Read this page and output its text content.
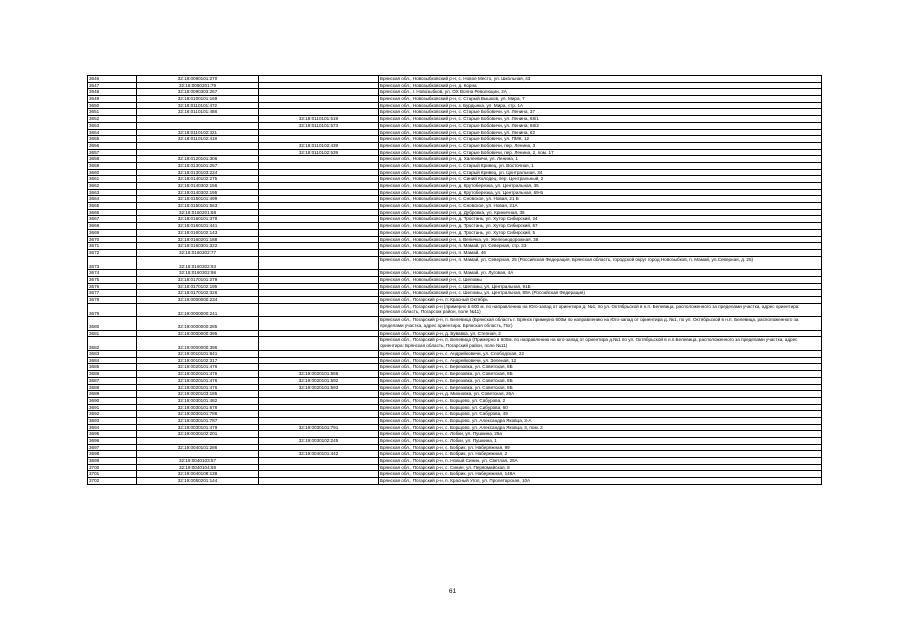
3646	32:18:0090101:270		Брянская обл., Новозыбковский р-н, с. Новое Место, ул. Школьная, 43
3647	32:18:0090201:79		Брянская обл., Новозыбковский р-н, д. Корна
3648	32:18:0090303:267		Брянская обл., г. Новозыбков, ул. ОХ Волна Революции, 2А
3649	32:18:0100101:169		Брянская обл., Новозыбковский р-н, с. Старый Вышков, ул. Мира, 7
3650	32:18:0110101:472		Брянская обл., Новозыбковский р-н, з. Бурдынка, ул. Мира, стр. 1А
3651	32:18:0110101:488		Брянская обл., Новозыбковский р-н, с. Старые Бобовичи, ул. Ленина, 37
3652		32:18:0110101:519	Брянская обл., Новозыбковский р-н, с. Старые Бобовичи, ул. Ленина, 68/1
3653		32:18:0110101:573	Брянская обл., Новозыбковский р-н, с. Старые Бобовичи, ул. Ленина, 68/2
3654	32:18:0110102:321		Брянская обл., Новозыбковский р-н, с. Старые Бобовичи, ул. Ленина, 62
3655	32:18:0110102:418		Брянская обл., Новозыбковский р-н, с. Старые Бобовичи, ул. ПМК, 12
3656		32:18:0110102:439	Брянская обл., Новозыбковский р-н, с. Старые Бобовичи, пер. Ленина, 3
3657		32:18:0110102:539	Брянская обл., Новозыбковский р-н, с. Старые Бобовичи, пер. Ленина, 2, пом. 17
3658	32:18:0120101:306		Брянская обл., Новозыбковский р-н, д. Халеевичи, ул. Ленина, 1
3659	32:18:0130101:257		Брянская обл., Новозыбковский р-н, с. Старый Кривец, ул. Восточная, 1
3660	32:18:0130103:224		Брянская обл., Новозыбковский р-н, с. Старый Кривец, ул. Центральная, 34
3661	32:18:0140102:275		Брянская обл., Новозыбковский р-н, с. Синий Колодец, пер. Центральный, 2
3662	32:18:0140302:156		Брянская обл., Новозыбковский р-н, д. Крутоберезка, ул. Центральная, 35
3663	32:18:0140302:195		Брянская обл., Новозыбковский р-н, д. Крутоберезка, ул. Центральная, 69-Б
3664	32:18:0150101:499		Брянская обл., Новозыбковский р-н, с. Сновское, ул. Новая, 21 Б
3665	32:18:0150101:563		Брянская обл., Новозыбковский р-н, с. Сновское, ул. Новая, 21А
3666	32:18:0150201:68		Брянская обл., Новозыбковский р-н, д. Дубровка, ул. Криничная, 36
3667	32:18:0160101:378		Брянская обл., Новозыбковский р-н, д. Тростань, ул. Хутор Сибирский, 24
3668	32:18:0160101:441		Брянская обл., Новозыбковский р-н, д. Тростань, ул. Хутор Сибирский, 57
3669	32:18:0160102:143		Брянская обл., Новозыбковский р-н, д. Тростань, ул. Хутор Сибирский, 5
3670	32:18:0160201:188		Брянская обл., Новозыбковский р-н, з. Величка, ул. Железнодорожная, 38
3671	32:18:0160301:322		Брянская обл., Новозыбковский р-н, п. Мамай, ул. Северная, стр. 23
3672	32:18:0160302:77		Брянская обл., Новозыбковский р-н, п. Мамай, 46
3673	32:18:0160302:93		Брянская обл., Новозыбковский р-н, п. Мамай, ул. Северная, 25 (Российская Федерация, Брянская область, городской округ город Новозыбков, п. Мамай, ул.Северная, д. 25)
3674	32:18:0160302:98		Брянская обл., Новозыбковский р-н, п. Мамай, ул. Луговая, 4А
3675	32:18:0170101:279		Брянская обл., Новозыбковский р-н, с. Шеломы
3676	32:18:0170102:195		Брянская обл., Новозыбковский р-н, с. Шеломы, ул. Центральная, 91Б
3677	32:18:0170102:326		Брянская обл., Новозыбковский р-н, с. Шеломы, ул. Центральная, 89А (Российская Федерация)
3678	32:19:0000000:234		Брянская обл., Погарский р-н, п. Красный Октябрь
3679	32:19:0000000:241		Брянская обл., Погарский р-н (примерно в 600 м. по направлению на Юго-запад от ориентира д. №1, по ул. Октябрьской в н.п. Белевица, расположенного за пределами участка, адрес ориентира: Брянская область, Погарсом район, поле №11)
3680	32:19:0000000:285		Брянская обл., Погарский р-н, п. Белевица (Брянская область г. Брянск примерно 600м по направлению на Юго-запад от ориентира д. №1, по ул. Октябрьской в н.п. Белевица, расположенного за пределами участка, адрес ориентира: Брянская область, Пог)
3681	32:19:0000000:395		Брянская обл., Погарский р-н, д. Бувавка, ул. Степная, 2
3682	32:19:0000000:396		Брянская обл., Погарский р-н, п. Белевица (Примерно в 600м. по направлению на юго-запад от ориентира д.№1 по ул. Октябрьской в н.п.Белевица, расположенного за пределами участка, адрес ориентира: Брянская область, Погарский район, поле №11)
3683	32:19:0010101:841		Брянская обл., Погарский р-н, с. Андрейковичи, ул. Слободская, 22
3684	32:19:0010102:317		Брянская обл., Погарский р-н, с. Андрейковичи, ул. Зеленая, 12
3685	32:19:0020101:476		Брянская обл., Погарский р-н, с. Березовка, ул. Советская, 8Б
3686	32:19:0020101:476	32:19:0020101:566	Брянская обл., Погарский р-н, с. Березовка, ул. Советская, 8Б
3687	32:19:0020101:476	32:19:0020101:592	Брянская обл., Погарский р-н, с. Березовка, ул. Советская, 8Б
3688	32:19:0020101:476	32:19:0020101:593	Брянская обл., Погарский р-н, с. Березовка, ул. Советская, 8Б
3689	32:19:0020103:185		Брянская обл., Погарский р-н, д. Михновка, ул. Советская, 26А
3690	32:19:0030101:482		Брянская обл., Погарский р-н, с. Борщово, ул. Сабурова, 2
3691	32:19:0030101:678		Брянская обл., Погарский р-н, с. Борщово, ул. Сабурова, 60
3692	32:19:0030101:786		Брянская обл., Погарский р-н, с. Борщово, ул. Сабурова, 49
3693	32:19:0030101:787		Брянская обл., Погарский р-н, с. Борщово, ул. Александра Яковца, 3-А
3694	32:19:0030101:479	32:19:0030101:791	Брянская обл., Погарский р-н, с. Борщово, ул. Александра Яковца, 3, пом. 2
3695	32:19:0030102:201		Брянская обл., Погарский р-н, с. Лобки, ул. Пушкина, 25а
3696		32:19:0030102:245	Брянская обл., Погарский р-н, с. Лобки, ул. Пушкина, 1
3697	32:19:0040101:286		Брянская обл., Погарский р-н, с. Бобрик, ул. Набережная, 99
3698		32:19:0040101:442	Брянская обл., Погарский р-н, с. Бобрик, ул. Набережная, 2
3699	32:19:0040103:57		Брянская обл., Погарский р-н, п. Новый Синин, ул. Светлая, 25А
3700	32:19:0040104:68		Брянская обл., Погарский р-н, с. Синин, ул. Первомайская, 8
3701	32:19:0040108:138		Брянская обл., Погарский р-н, с. Бобрик, ул. Набережная, 148А
3702	32:19:0050201:144		Брянская обл., Погарский р-н, п. Красный Угол, ул. Пролетарская, 10А
61
